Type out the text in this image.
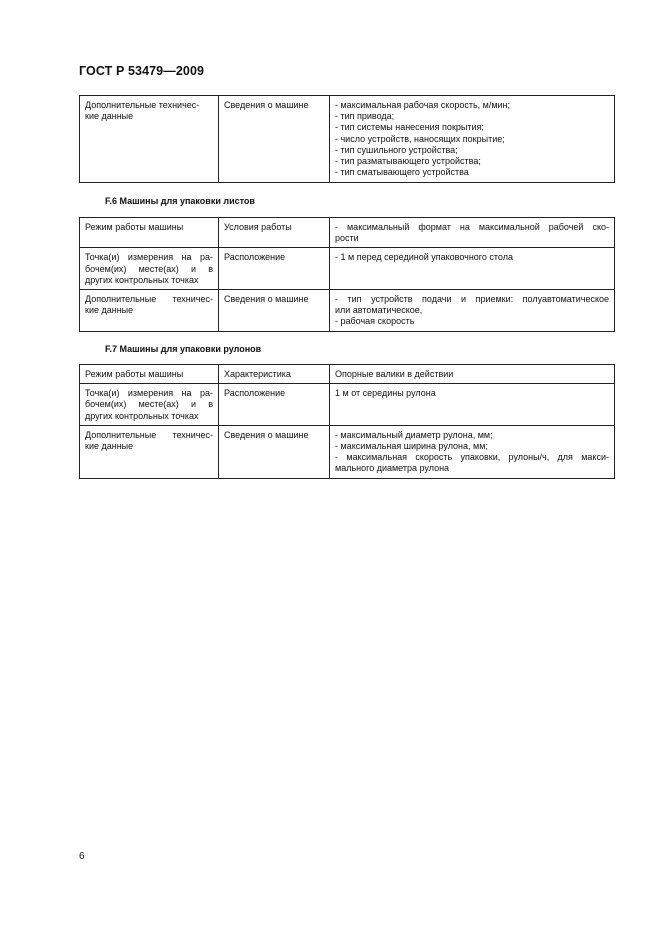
ГОСТ Р 53479—2009
Дополнительные техничес-
кие данные
	Сведения о машине	- максимальная рабочая скорость, м/мин;
- тип привода;
- тип системы нанесения покрытия;
- число устройств, наносящих покрытие;
- тип сушильного устройства;
- тип разматывающего устройства;
- тип сматывающего устройства
F.6 Машины для упаковки листов
Режим работы машины	Условия работы	- максимальный формат на максимальной рабочей ско-
рости

Точка(и) измерения на ра-
бочем(их) месте(ах) и в
других контрольных точках	Расположение	- 1 м перед серединой упаковочного стола

Дополнительные техничес-
кие данные	Сведения о машине	- тип устройств подачи и приемки: полуавтоматическое
или автоматическое,
- рабочая скорость
F.7 Машины для упаковки рулонов
Режим работы машины	Характеристика	Опорные валики в действии

Точка(и) измерения на ра-
бочем(их) месте(ах) и в
других контрольных точках	Расположение	1 м от середины рулона

Дополнительные техничес-
кие данные	Сведения о машине	- максимальный диаметр рулона, мм;
- максимальная ширина рулона, мм;
- максимальная скорость упаковки, рулоны/ч, для макси-
мального диаметра рулона
6
